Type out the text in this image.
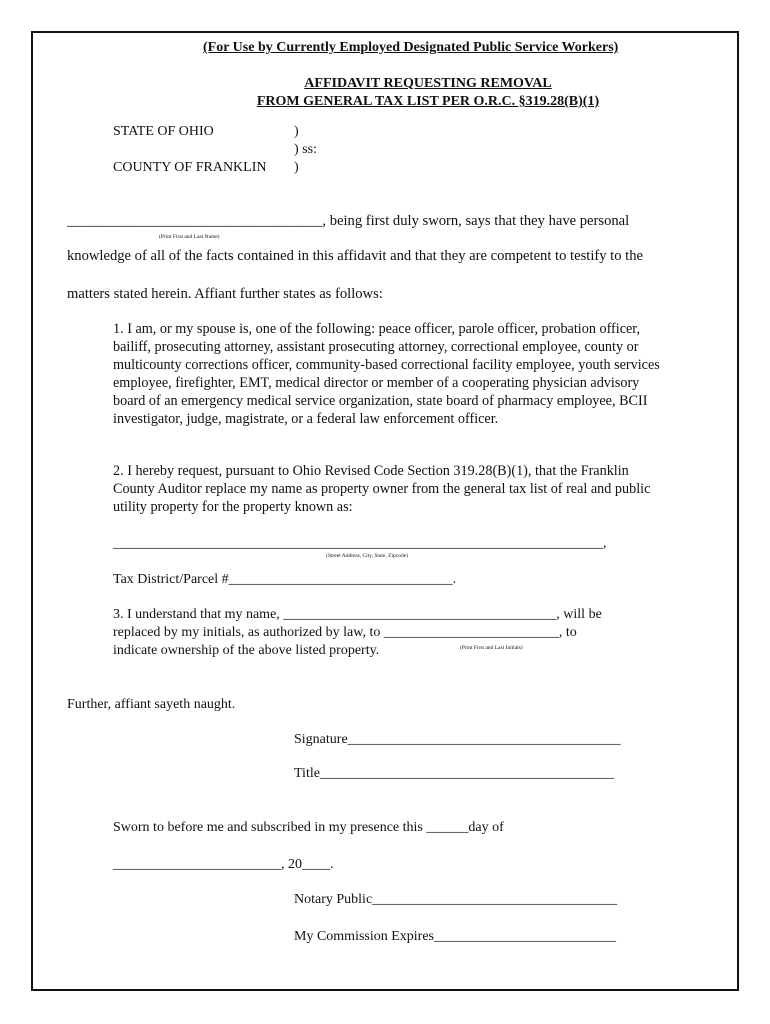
(For Use by Currently Employed Designated Public Service Workers)
AFFIDAVIT REQUESTING REMOVAL
FROM GENERAL TAX LIST PER O.R.C. §319.28(B)(1)
STATE OF OHIO
COUNTY OF FRANKLIN
)
) ss:
)
___________________________________, being first duly sworn, says that they have personal
(Print First and Last Name)
knowledge of all of the facts contained in this affidavit and that they are competent to testify to the
matters stated herein. Affiant further states as follows:
1. I am, or my spouse is, one of the following: peace officer, parole officer, probation officer, bailiff, prosecuting attorney, assistant prosecuting attorney, correctional employee, county or multicounty corrections officer, community-based correctional facility employee, youth services employee, firefighter, EMT, medical director or member of a cooperating physician advisory board of an emergency medical service organization, state board of pharmacy employee, BCII investigator, judge, magistrate, or a federal law enforcement officer.
2. I hereby request, pursuant to Ohio Revised Code Section 319.28(B)(1), that the Franklin County Auditor replace my name as property owner from the general tax list of real and public utility property for the property known as:
______________________________________________________________________,
(Street Address, City, State, Zipcode)
Tax District/Parcel #________________________________.
3. I understand that my name, _______________________________________, will be
replaced by my initials, as authorized by law, to _________________________, to
indicate ownership of the above listed property.	(Print First and Last Initials)
Further, affiant sayeth naught.
Signature_______________________________________
Title__________________________________________
Sworn to before me and subscribed in my presence this ______day of
________________________, 20____.
Notary Public___________________________________
My Commission Expires__________________________
